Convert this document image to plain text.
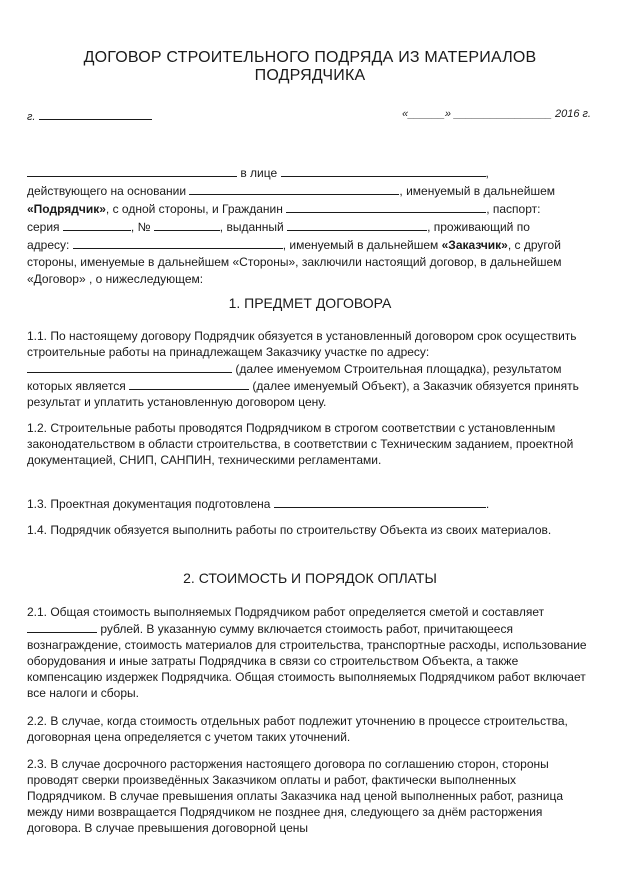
ДОГОВОР СТРОИТЕЛЬНОГО ПОДРЯДА ИЗ МАТЕРИАЛОВ
ПОДРЯДЧИКА
г.	«______» ________________ 2016 г.

в лице	,
действующего на основании	, именуемый в дальнейшем
«Подрядчик», с одной стороны, и Гражданин	, паспорт:
серия	, №	, выданный	, проживающий по
адресу:	, именуемый в дальнейшем «Заказчик», с другой стороны, именуемые в дальнейшем «Стороны», заключили настоящий договор, в дальнейшем «Договор» , о нижеследующем:

1. ПРЕДМЕТ ДОГОВОРА

1.1. По настоящему договору Подрядчик обязуется в установленный договором срок осуществить строительные работы на принадлежащем Заказчику участке по адресу:
(далее именуемом Строительная площадка), результатом которых является	(далее именуемый Объект), а Заказчик обязуется принять результат и уплатить установленную договором цену.

1.2. Строительные работы проводятся Подрядчиком в строгом соответствии с установленным законодательством в области строительства, в соответствии с Техническим заданием, проектной документацией, СНИП, САНПИН, техническими регламентами.

1.3. Проектная документация подготовлена	.

1.4. Подрядчик обязуется выполнить работы по строительству Объекта из своих материалов.

2. СТОИМОСТЬ И ПОРЯДОК ОПЛАТЫ

2.1. Общая стоимость выполняемых Подрядчиком работ определяется сметой и составляет  рублей. В указанную сумму включается стоимость работ, причитающееся вознаграждение, стоимость материалов для строительства, транспортные расходы, использование оборудования и иные затраты Подрядчика в связи со строительством Объекта, а также компенсацию издержек Подрядчика. Общая стоимость выполняемых Подрядчиком работ включает все налоги и сборы.

2.2. В случае, когда стоимость отдельных работ подлежит уточнению в процессе строительства, договорная цена определяется с учетом таких уточнений.

2.3. В случае досрочного расторжения настоящего договора по соглашению сторон, стороны проводят сверки произведённых Заказчиком оплаты и работ, фактически выполненных Подрядчиком. В случае превышения оплаты Заказчика над ценой выполненных работ, разница между ними возвращается Подрядчиком не позднее дня, следующего за днём расторжения договора. В случае превышения договорной цены
